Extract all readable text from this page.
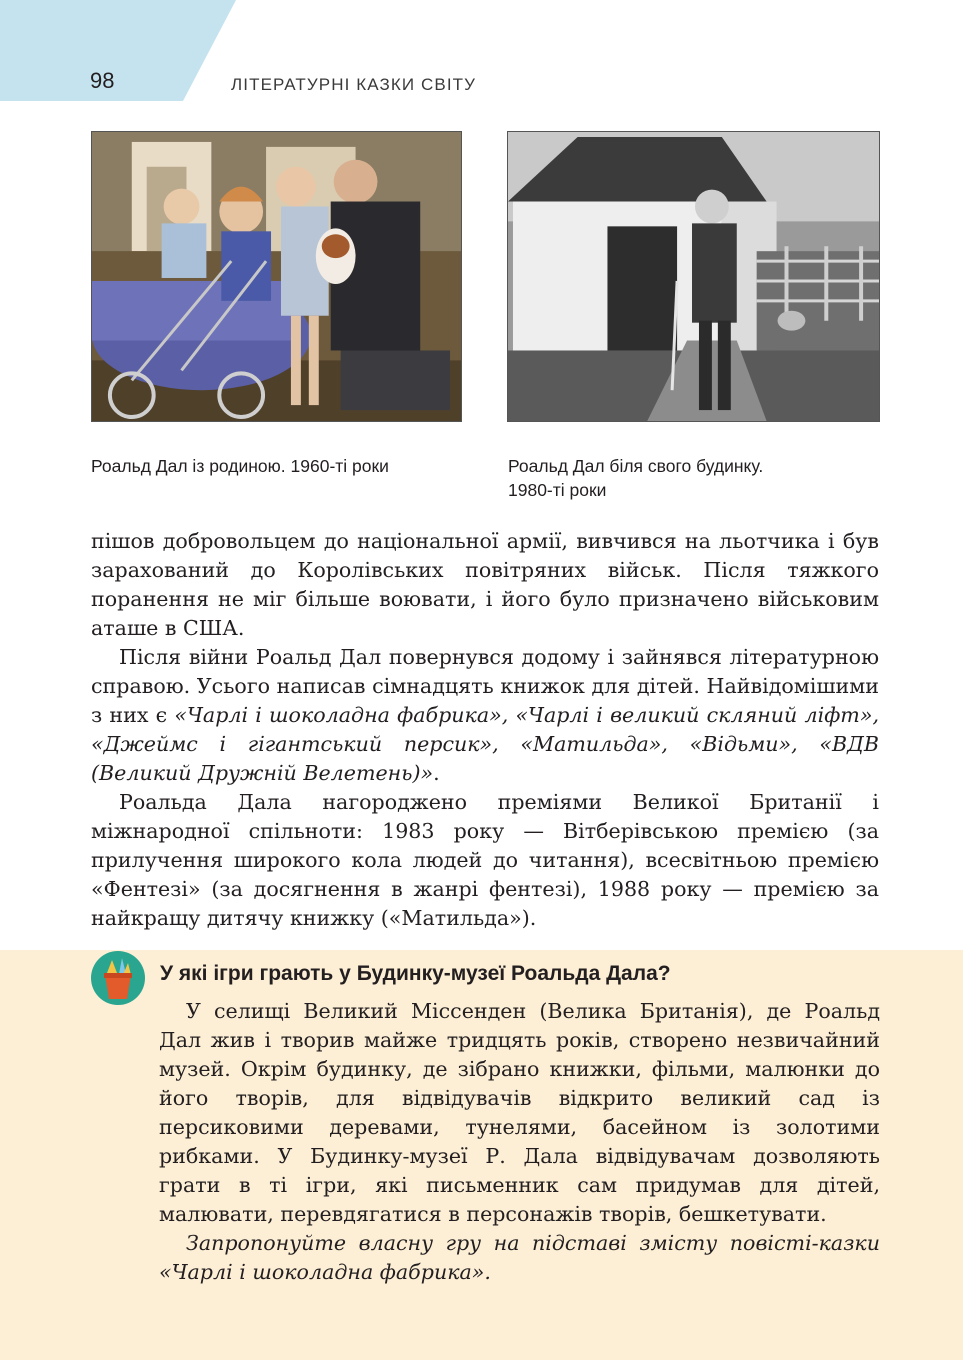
98	ЛІТЕРАТУРНІ КАЗКИ СВІТУ
Роальд Дал із родиною. 1960-ті роки	Роальд Дал біля свого будинку.
1980-ті роки

пішов добровольцем до національної армії, вивчився на льотчика і був зарахований до Королівських повітряних військ. Після тяжкого поранення не міг більше воювати, і його було призначено військовим аташе в США.

Після війни Роальд Дал повернувся додому і зайнявся літературною справою. Усього написав сімнадцять книжок для дітей. Найвідомішими з них є «Чарлі і шоколадна фабрика», «Чарлі і великий скляний ліфт», «Джеймс і гігантський персик», «Матильда», «Відьми», «ВДВ (Великий Дружній Велетень)».

Роальда Дала нагороджено преміями Великої Британії і міжнародної спільноти: 1983 року — Вітберівською премією (за прилучення широкого кола людей до читання), всесвітньою премією «Фентезі» (за досягнення в жанрі фентезі), 1988 року — премією за найкращу дитячу книжку («Матильда»).

У які ігри грають у Будинку-музеї Роальда Дала?

У селищі Великий Міссенден (Велика Британія), де Роальд Дал жив і творив майже тридцять років, створено незвичайний музей. Окрім будинку, де зібрано книжки, фільми, малюнки до його творів, для відвідувачів відкрито великий сад із персиковими деревами, тунелями, басейном із золотими рибками. У Будинку-музеї Р. Дала відвідувачам дозволяють грати в ті ігри, які письменник сам придумав для дітей, малювати, перевдягатися в персонажів творів, бешкетувати.

Запропонуйте власну гру на підставі змісту повісті-казки «Чарлі і шоколадна фабрика».
